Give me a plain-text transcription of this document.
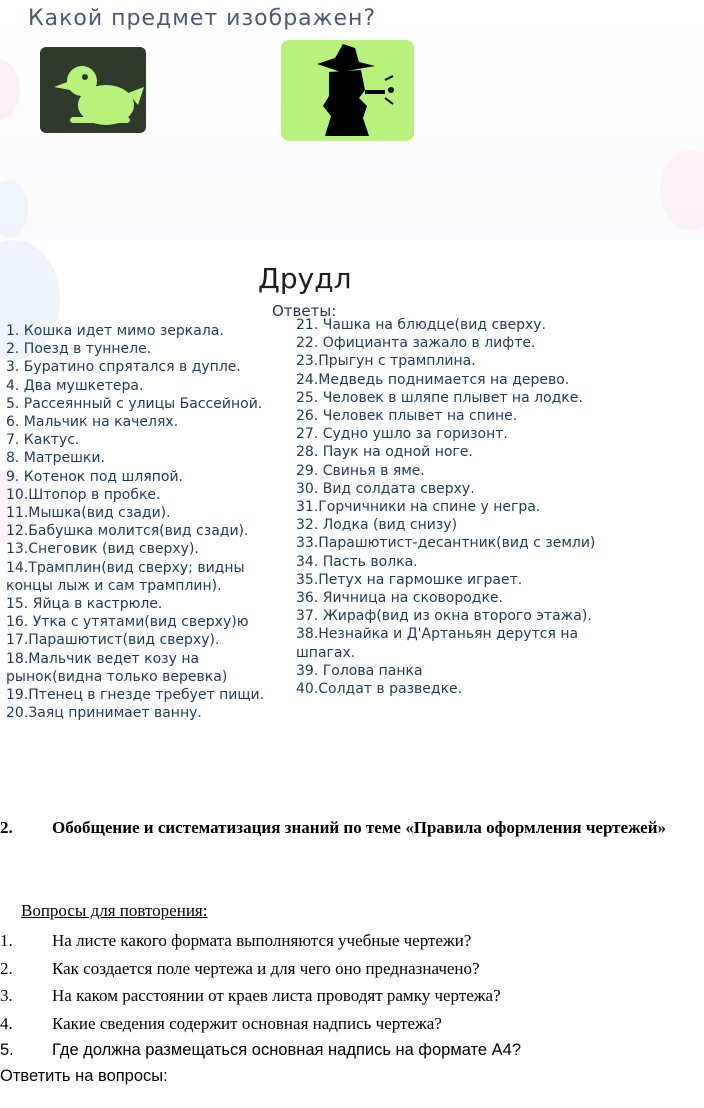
Какой предмет изображен?
Друдл
Ответы:
1. Кошка идет мимо зеркала.
2. Поезд в туннеле.
3. Буратино спрятался в дупле.
4. Два мушкетера.
5. Рассеянный с улицы Бассейной.
6. Мальчик на качелях.
7. Кактус.
8. Матрешки.
9. Котенок под шляпой.
10.Штопор в пробке.
11.Мышка(вид сзади).
12.Бабушка молится(вид сзади).
13.Снеговик (вид сверху).
14.Трамплин(вид сверху; видны концы лыж и сам трамплин).
15. Яйца в кастрюле.
16. Утка с утятами(вид сверху)ю
17.Парашютист(вид сверху).
18.Мальчик ведет козу на рынок(видна только веревка)
19.Птенец в гнезде требует пищи.
20.Заяц принимает ванну.
21. Чашка на блюдце(вид сверху.
22. Официанта зажало в лифте.
23.Прыгун с трамплина.
24.Медведь поднимается на дерево.
25. Человек в шляпе плывет на лодке.
26. Человек плывет на спине.
27. Судно ушло за горизонт.
28. Паук на одной ноге.
29. Свинья в яме.
30. Вид солдата сверху.
31.Горчичники на спине у негра.
32. Лодка (вид снизу)
33.Парашютист-десантник(вид с земли)
34. Пасть волка.
35.Петух на гармошке играет.
36. Яичница на сковородке.
37. Жираф(вид из окна второго этажа).
38.Незнайка и Д'Артаньян дерутся на шпагах.
39. Голова панка
40.Солдат в разведке.
2. Обобщение и систематизация знаний по теме «Правила оформления чертежей»
Вопросы для повторения:
1. На листе какого формата выполняются учебные чертежи?
2. Как создается поле чертежа и для чего оно предназначено?
3. На каком расстоянии от краев листа проводят рамку чертежа?
4. Какие сведения содержит основная надпись чертежа?
5. Где должна размещаться основная надпись на формате А4?
Ответить на вопросы:
